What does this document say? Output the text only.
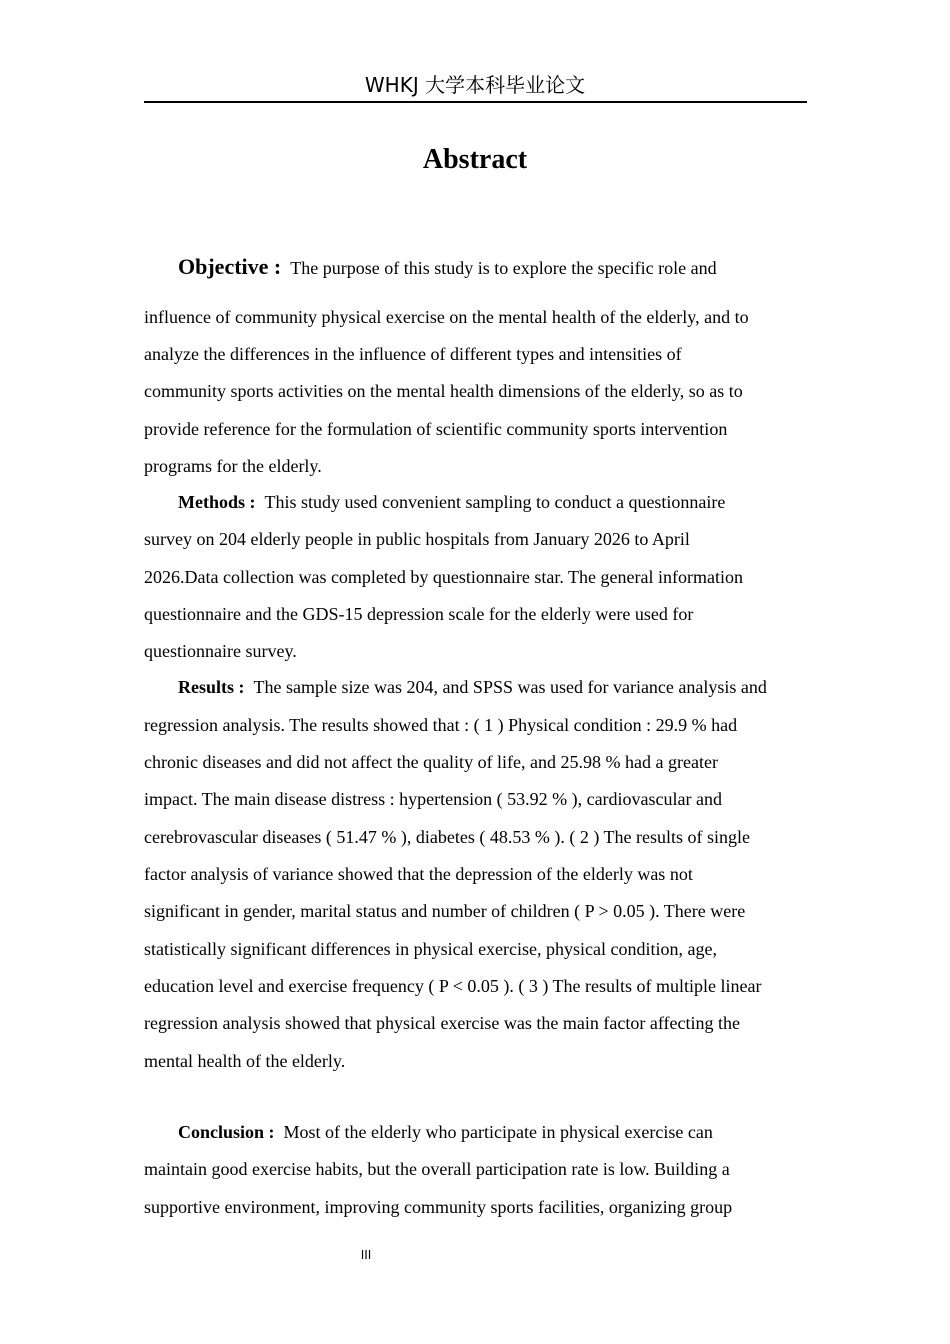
WHKJ 大学本科毕业论文
Abstract
Objective : The purpose of this study is to explore the specific role and
influence of community physical exercise on the mental health of the elderly, and to
analyze the differences in the influence of different types and intensities of
community sports activities on the mental health dimensions of the elderly, so as to
provide reference for the formulation of scientific community sports intervention
programs for the elderly.
Methods : This study used convenient sampling to conduct a questionnaire
survey on 204 elderly people in public hospitals from January 2026 to April
2026.Data collection was completed by questionnaire star. The general information
questionnaire and the GDS-15 depression scale for the elderly were used for
questionnaire survey.
Results : The sample size was 204, and SPSS was used for variance analysis and
regression analysis. The results showed that : ( 1 ) Physical condition : 29.9 % had
chronic diseases and did not affect the quality of life, and 25.98 % had a greater
impact. The main disease distress : hypertension ( 53.92 % ), cardiovascular and
cerebrovascular diseases ( 51.47 % ), diabetes ( 48.53 % ). ( 2 ) The results of single
factor analysis of variance showed that the depression of the elderly was not
significant in gender, marital status and number of children ( P > 0.05 ). There were
statistically significant differences in physical exercise, physical condition, age,
education level and exercise frequency ( P < 0.05 ). ( 3 ) The results of multiple linear
regression analysis showed that physical exercise was the main factor affecting the
mental health of the elderly.
Conclusion : Most of the elderly who participate in physical exercise can
maintain good exercise habits, but the overall participation rate is low. Building a
supportive environment, improving community sports facilities, organizing group
III
